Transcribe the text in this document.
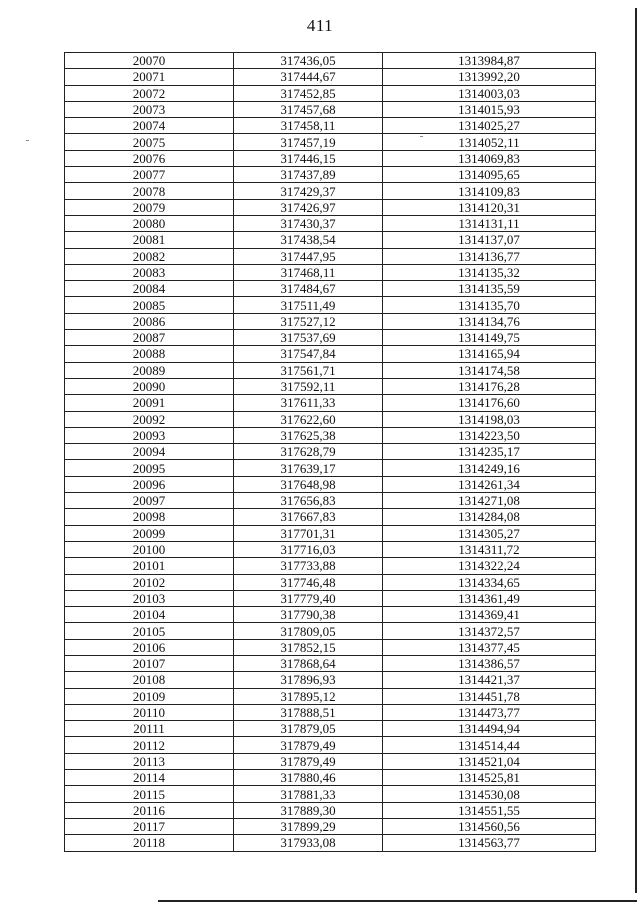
411
20070	317436,05	1313984,87
20071	317444,67	1313992,20
20072	317452,85	1314003,03
20073	317457,68	1314015,93
20074	317458,11	1314025,27
20075	317457,19	1314052,11
20076	317446,15	1314069,83
20077	317437,89	1314095,65
20078	317429,37	1314109,83
20079	317426,97	1314120,31
20080	317430,37	1314131,11
20081	317438,54	1314137,07
20082	317447,95	1314136,77
20083	317468,11	1314135,32
20084	317484,67	1314135,59
20085	317511,49	1314135,70
20086	317527,12	1314134,76
20087	317537,69	1314149,75
20088	317547,84	1314165,94
20089	317561,71	1314174,58
20090	317592,11	1314176,28
20091	317611,33	1314176,60
20092	317622,60	1314198,03
20093	317625,38	1314223,50
20094	317628,79	1314235,17
20095	317639,17	1314249,16
20096	317648,98	1314261,34
20097	317656,83	1314271,08
20098	317667,83	1314284,08
20099	317701,31	1314305,27
20100	317716,03	1314311,72
20101	317733,88	1314322,24
20102	317746,48	1314334,65
20103	317779,40	1314361,49
20104	317790,38	1314369,41
20105	317809,05	1314372,57
20106	317852,15	1314377,45
20107	317868,64	1314386,57
20108	317896,93	1314421,37
20109	317895,12	1314451,78
20110	317888,51	1314473,77
20111	317879,05	1314494,94
20112	317879,49	1314514,44
20113	317879,49	1314521,04
20114	317880,46	1314525,81
20115	317881,33	1314530,08
20116	317889,30	1314551,55
20117	317899,29	1314560,56
20118	317933,08	1314563,77
